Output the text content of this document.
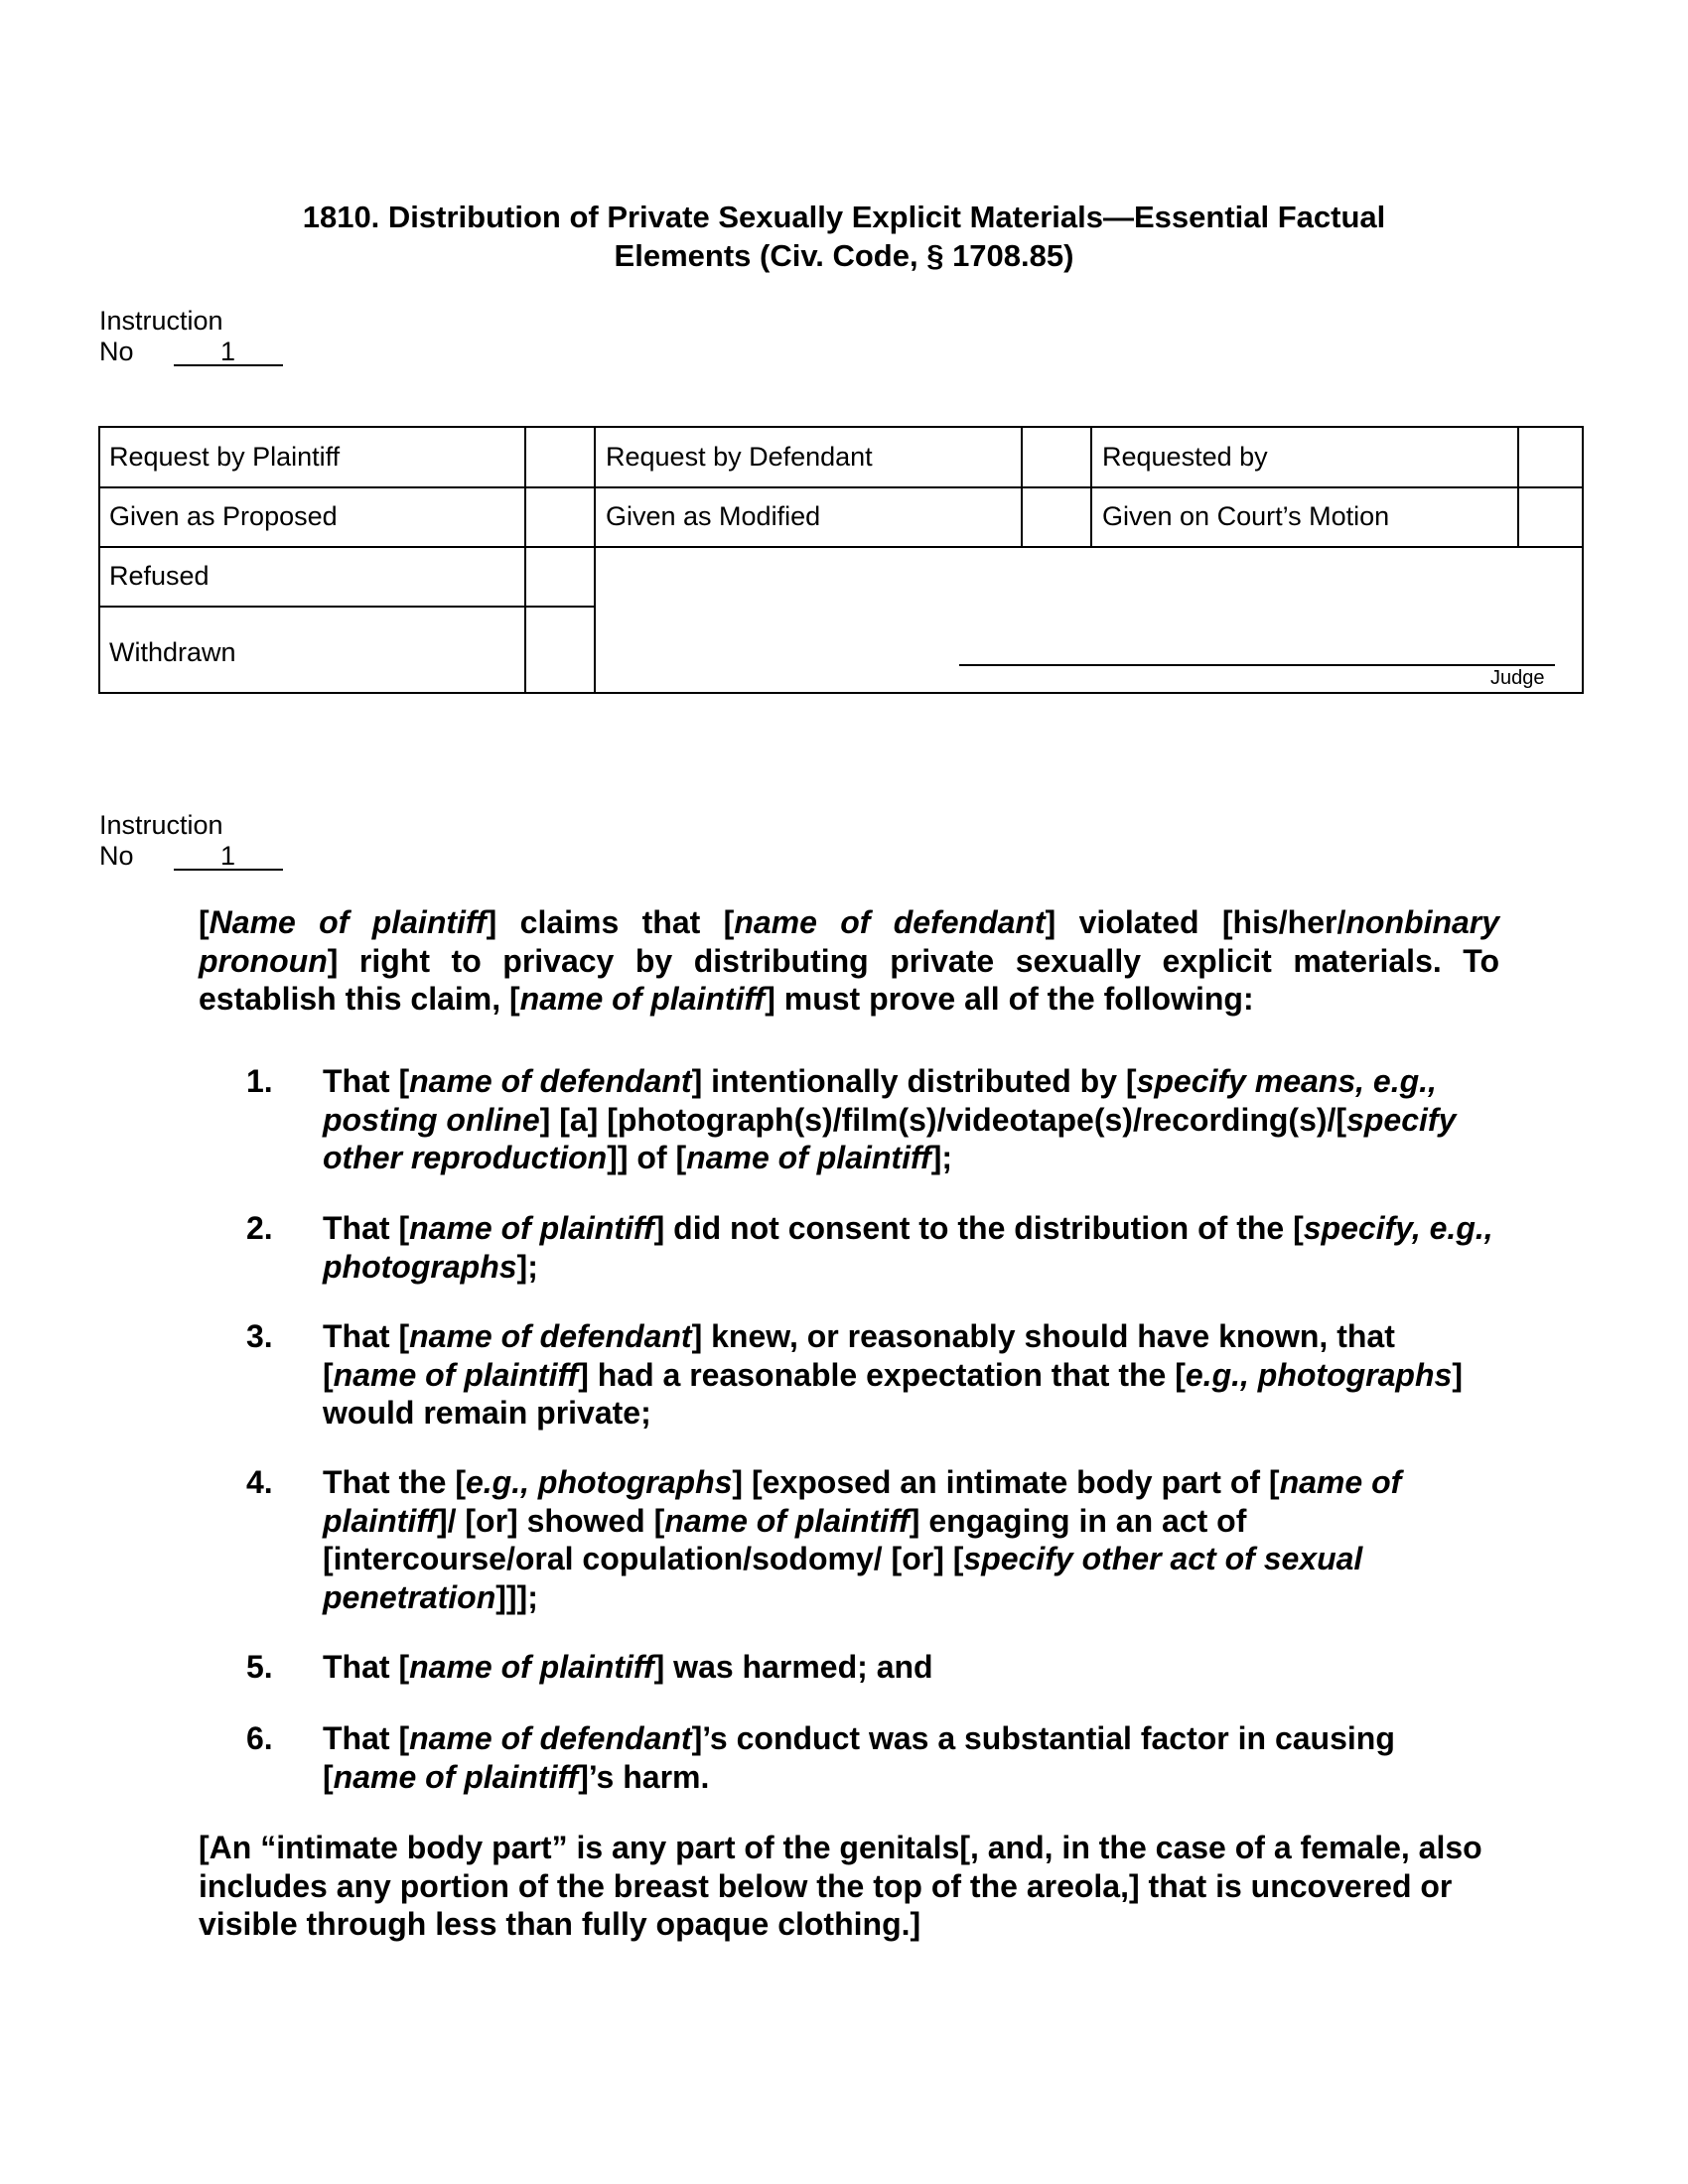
1810. Distribution of Private Sexually Explicit Materials—Essential Factual
Elements (Civ. Code, § 1708.85)
Instruction
No	1
Request by Plaintiff	Request by Defendant	Requested by
Given as Proposed	Given as Modified	Given on Court’s Motion
Refused
Withdrawn
Judge
Instruction
No	1
[Name of plaintiff] claims that [name of defendant] violated [his/her/nonbinary pronoun] right to privacy by distributing private sexually explicit materials. To establish this claim, [name of plaintiff] must prove all of the following:
1. That [name of defendant] intentionally distributed by [specify means, e.g., posting online] [a] [photograph(s)/film(s)/videotape(s)/recording(s)/[specify other reproduction]] of [name of plaintiff];
2. That [name of plaintiff] did not consent to the distribution of the [specify, e.g., photographs];
3. That [name of defendant] knew, or reasonably should have known, that [name of plaintiff] had a reasonable expectation that the [e.g., photographs] would remain private;
4. That the [e.g., photographs] [exposed an intimate body part of [name of plaintiff]/ [or] showed [name of plaintiff] engaging in an act of [intercourse/oral copulation/sodomy/ [or] [specify other act of sexual penetration]]];
5. That [name of plaintiff] was harmed; and
6. That [name of defendant]’s conduct was a substantial factor in causing [name of plaintiff]’s harm.
[An “intimate body part” is any part of the genitals[, and, in the case of a female, also includes any portion of the breast below the top of the areola,] that is uncovered or visible through less than fully opaque clothing.]
